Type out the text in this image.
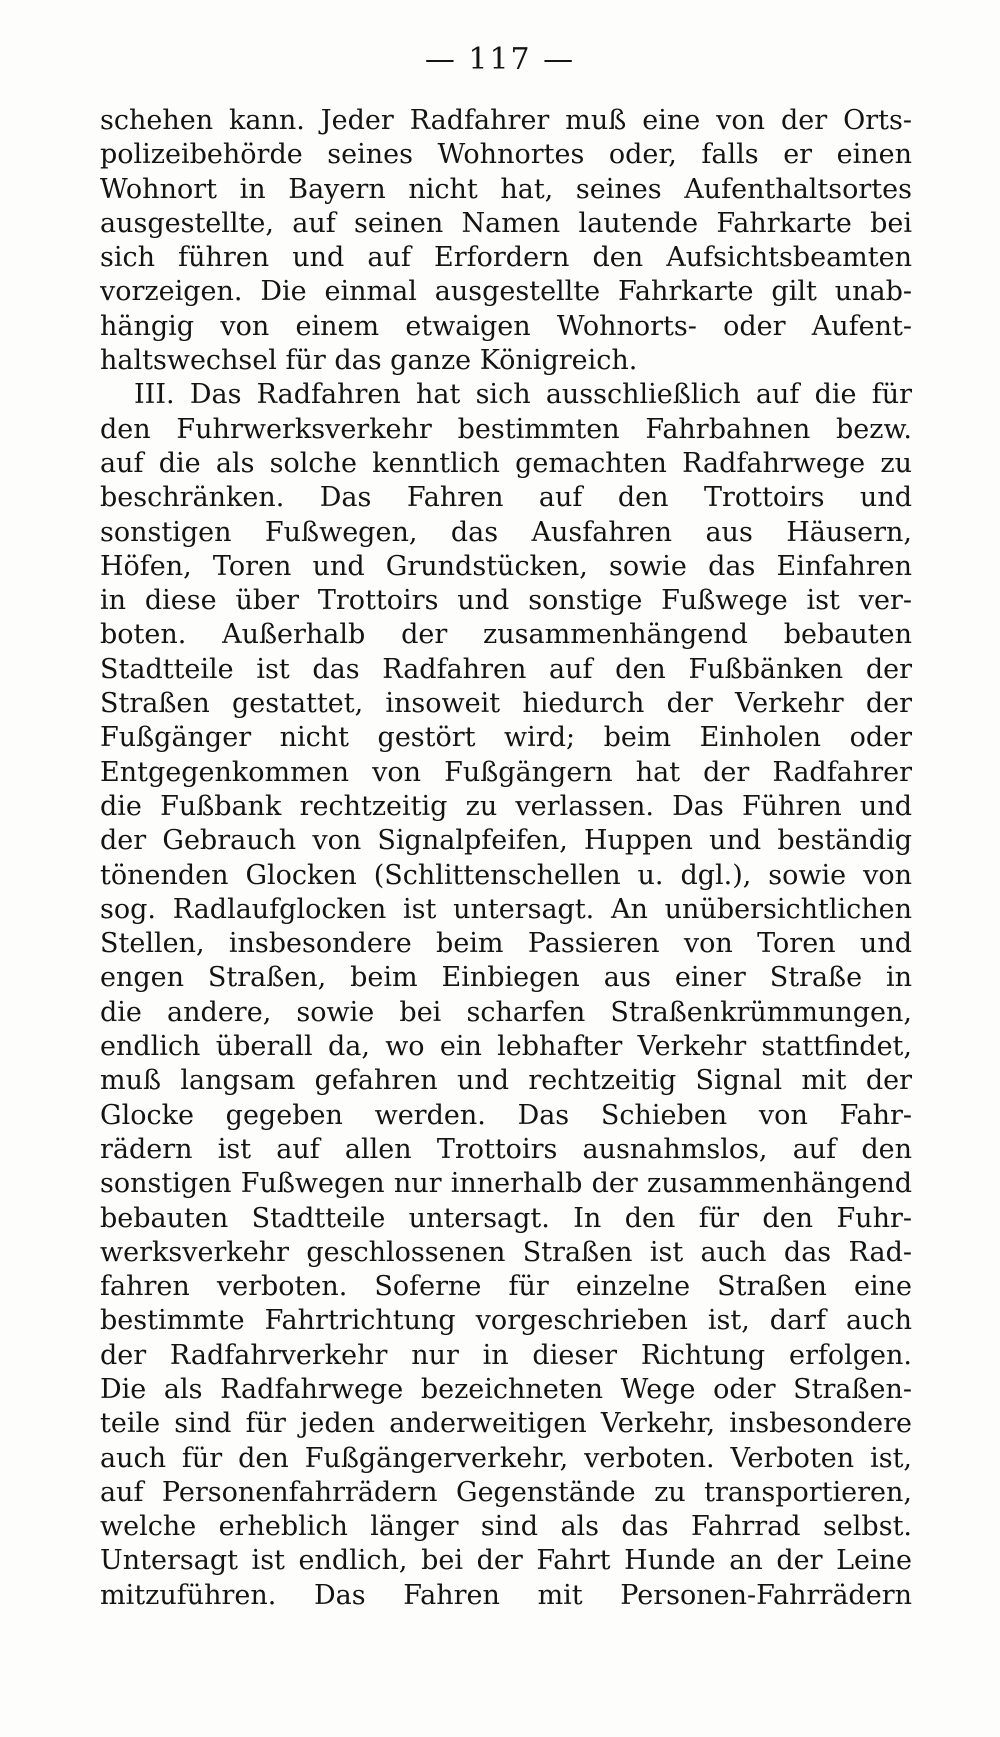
— 117 —
schehen kann. Jeder Radfahrer muß eine von der Orts-
polizeibehörde seines Wohnortes oder, falls er einen
Wohnort in Bayern nicht hat, seines Aufenthaltsortes
ausgestellte, auf seinen Namen lautende Fahrkarte bei
sich führen und auf Erfordern den Aufsichtsbeamten
vorzeigen. Die einmal ausgestellte Fahrkarte gilt unab-
hängig von einem etwaigen Wohnorts- oder Aufent-
haltswechsel für das ganze Königreich.
III. Das Radfahren hat sich ausschließlich auf die für
den Fuhrwerksverkehr bestimmten Fahrbahnen bezw.
auf die als solche kenntlich gemachten Radfahrwege zu
beschränken. Das Fahren auf den Trottoirs und
sonstigen Fußwegen, das Ausfahren aus Häusern,
Höfen, Toren und Grundstücken, sowie das Einfahren
in diese über Trottoirs und sonstige Fußwege ist ver-
boten. Außerhalb der zusammenhängend bebauten
Stadtteile ist das Radfahren auf den Fußbänken der
Straßen gestattet, insoweit hiedurch der Verkehr der
Fußgänger nicht gestört wird; beim Einholen oder
Entgegenkommen von Fußgängern hat der Radfahrer
die Fußbank rechtzeitig zu verlassen. Das Führen und
der Gebrauch von Signalpfeifen, Huppen und beständig
tönenden Glocken (Schlittenschellen u. dgl.), sowie von
sog. Radlaufglocken ist untersagt. An unübersichtlichen
Stellen, insbesondere beim Passieren von Toren und
engen Straßen, beim Einbiegen aus einer Straße in
die andere, sowie bei scharfen Straßenkrümmungen,
endlich überall da, wo ein lebhafter Verkehr stattfindet,
muß langsam gefahren und rechtzeitig Signal mit der
Glocke gegeben werden. Das Schieben von Fahr-
rädern ist auf allen Trottoirs ausnahmslos, auf den
sonstigen Fußwegen nur innerhalb der zusammenhängend
bebauten Stadtteile untersagt. In den für den Fuhr-
werksverkehr geschlossenen Straßen ist auch das Rad-
fahren verboten. Soferne für einzelne Straßen eine
bestimmte Fahrtrichtung vorgeschrieben ist, darf auch
der Radfahrverkehr nur in dieser Richtung erfolgen.
Die als Radfahrwege bezeichneten Wege oder Straßen-
teile sind für jeden anderweitigen Verkehr, insbesondere
auch für den Fußgängerverkehr, verboten. Verboten ist,
auf Personenfahrrädern Gegenstände zu transportieren,
welche erheblich länger sind als das Fahrrad selbst.
Untersagt ist endlich, bei der Fahrt Hunde an der Leine
mitzuführen. Das Fahren mit Personen-Fahrrädern
